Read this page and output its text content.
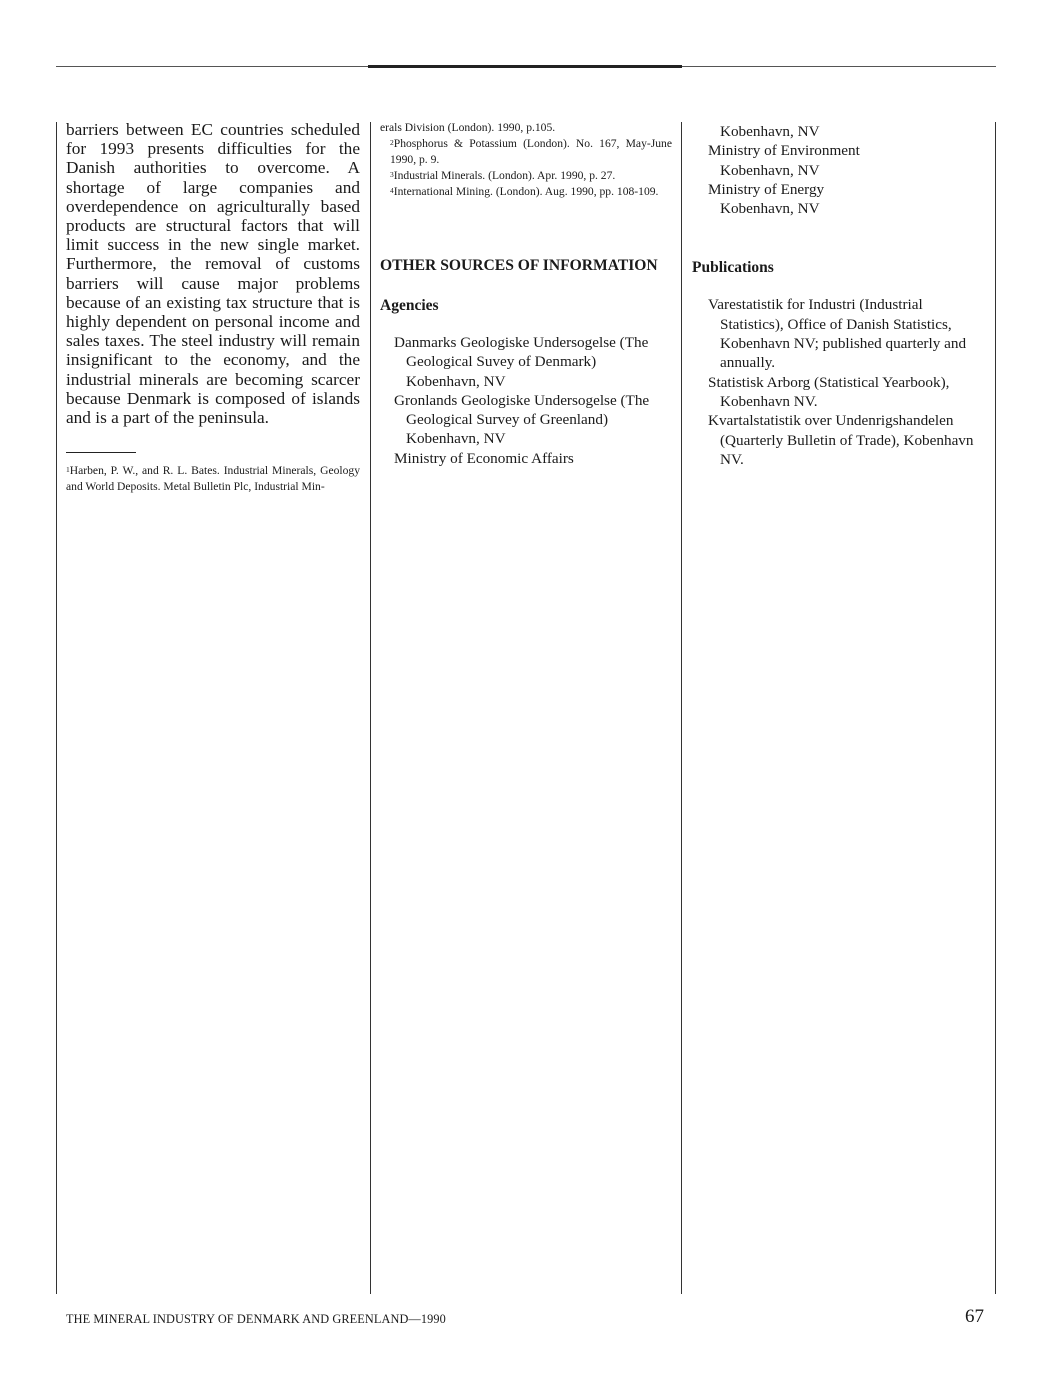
barriers between EC countries scheduled for 1993 presents difficulties for the Danish authorities to overcome. A shortage of large companies and overdependence on agriculturally based products are structural factors that will limit success in the new single market. Furthermore, the removal of customs barriers will cause major problems because of an existing tax structure that is highly dependent on personal income and sales taxes. The steel industry will remain insignificant to the economy, and the industrial minerals are becoming scarcer because Denmark is composed of islands and is a part of the peninsula.

$^1$Harben, P. W., and R. L. Bates. Industrial Minerals, Geology and World Deposits. Metal Bulletin Plc, Industrial Min-

erals Division (London). 1990, p.105.

$^2$Phosphorus & Potassium (London). No. 167, May-June 1990, p. 9.

$^3$Industrial Minerals. (London). Apr. 1990, p. 27.

$^4$International Mining. (London). Aug. 1990, pp. 108-109.

OTHER SOURCES OF INFORMATION

Agencies

Danmarks Geologiske Undersogelse (The Geological Suvey of Denmark) Kobenhavn, NV

Gronlands Geologiske Undersogelse (The Geological Survey of Greenland) Kobenhavn, NV

Ministry of Economic Affairs

Kobenhavn, NV

Ministry of Environment

Kobenhavn, NV

Ministry of Energy

Kobenhavn, NV

Publications

Varestatistik for Industri (Industrial Statistics), Office of Danish Statistics, Kobenhavn NV; published quarterly and annually.

Statistisk Arborg (Statistical Yearbook), Kobenhavn NV.

Kvartalstatistik over Undenrigshandelen (Quarterly Bulletin of Trade), Kobenhavn NV.

THE MINERAL INDUSTRY OF DENMARK AND GREENLAND—1990	67
